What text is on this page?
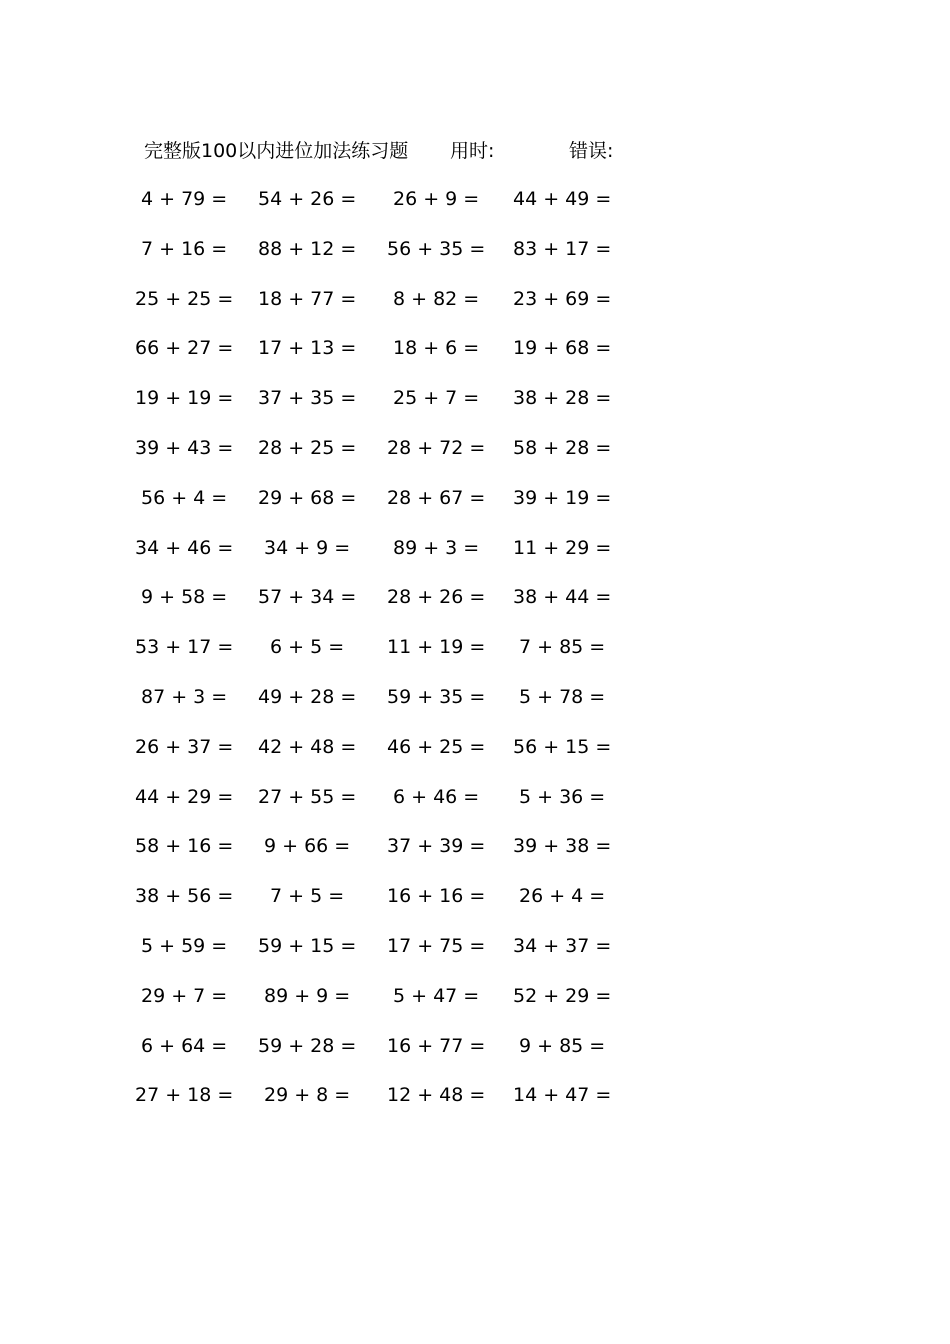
完整版100以内进位加法练习题 用时:	错误:
4 + 79 = 54 + 26 = 26 + 9 = 44 + 49 =
7 + 16 = 88 + 12 = 56 + 35 = 83 + 17 =
25 + 25 = 18 + 77 = 8 + 82 = 23 + 69 =
66 + 27 = 17 + 13 = 18 + 6 = 19 + 68 =
19 + 19 = 37 + 35 = 25 + 7 = 38 + 28 =
39 + 43 = 28 + 25 = 28 + 72 = 58 + 28 =
56 + 4 = 29 + 68 = 28 + 67 = 39 + 19 =
34 + 46 = 34 + 9 = 89 + 3 = 11 + 29 =
9 + 58 = 57 + 34 = 28 + 26 = 38 + 44 =
53 + 17 = 6 + 5 = 11 + 19 = 7 + 85 =
87 + 3 = 49 + 28 = 59 + 35 = 5 + 78 =
26 + 37 = 42 + 48 = 46 + 25 = 56 + 15 =
44 + 29 = 27 + 55 = 6 + 46 = 5 + 36 =
58 + 16 = 9 + 66 = 37 + 39 = 39 + 38 =
38 + 56 = 7 + 5 = 16 + 16 = 26 + 4 =
5 + 59 = 59 + 15 = 17 + 75 = 34 + 37 =
29 + 7 = 89 + 9 = 5 + 47 = 52 + 29 =
6 + 64 = 59 + 28 = 16 + 77 = 9 + 85 =
27 + 18 = 29 + 8 = 12 + 48 = 14 + 47 =
